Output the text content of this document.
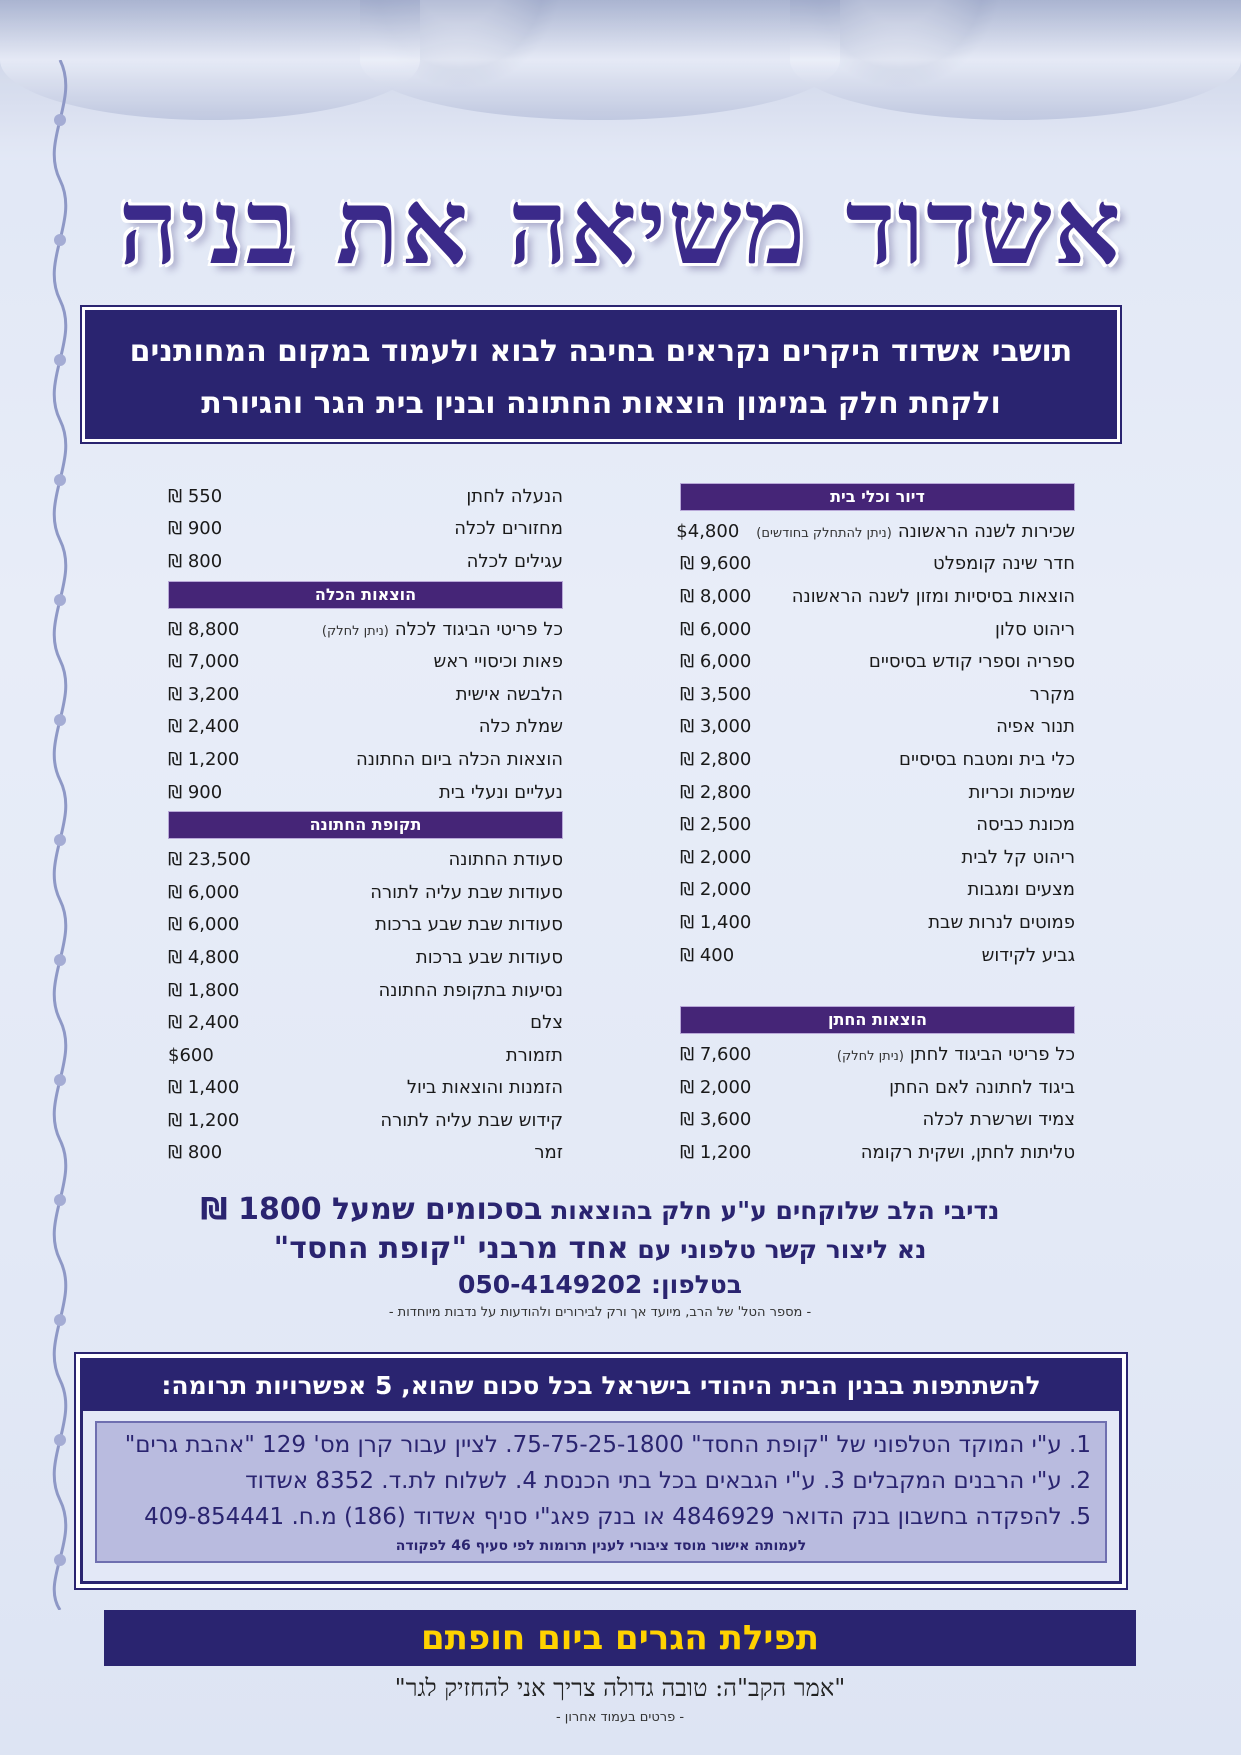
אשדוד משיאה את בניה
תושבי אשדוד היקרים נקראים בחיבה לבוא ולעמוד במקום המחותנים
ולקחת חלק במימון הוצאות החתונה ובנין בית הגר והגיורת
דיור וכלי בית
שכירות לשנה הראשונה(ניתן להתחלק בחודשים)
$4,800
חדר שינה קומפלט
₪ 9,600
הוצאות בסיסיות ומזון לשנה הראשונה
₪ 8,000
ריהוט סלון
₪ 6,000
ספריה וספרי קודש בסיסיים
₪ 6,000
מקרר
₪ 3,500
תנור אפיה
₪ 3,000
כלי בית ומטבח בסיסיים
₪ 2,800
שמיכות וכריות
₪ 2,800
מכונת כביסה
₪ 2,500
ריהוט קל לבית
₪ 2,000
מצעים ומגבות
₪ 2,000
פמוטים לנרות שבת
₪ 1,400
גביע לקידוש
₪ 400
הוצאות החתן
כל פריטי הביגוד לחתן(ניתן לחלק)
₪ 7,600
ביגוד לחתונה לאם החתן
₪ 2,000
צמיד ושרשרת לכלה
₪ 3,600
טליתות לחתן, ושקית רקומה
₪ 1,200
הנעלה לחתן
₪ 550
מחזורים לכלה
₪ 900
עגילים לכלה
₪ 800
הוצאות הכלה
כל פריטי הביגוד לכלה(ניתן לחלק)
₪ 8,800
פאות וכיסויי ראש
₪ 7,000
הלבשה אישית
₪ 3,200
שמלת כלה
₪ 2,400
הוצאות הכלה ביום החתונה
₪ 1,200
נעליים ונעלי בית
₪ 900
תקופת החתונה
סעודת החתונה
₪ 23,500
סעודות שבת עליה לתורה
₪ 6,000
סעודות שבת שבע ברכות
₪ 6,000
סעודות שבע ברכות
₪ 4,800
נסיעות בתקופת החתונה
₪ 1,800
צלם
₪ 2,400
תזמורת
$600
הזמנות והוצאות ביול
₪ 1,400
קידוש שבת עליה לתורה
₪ 1,200
זמר
₪ 800
נדיבי הלב שלוקחים ע"ע חלק בהוצאות בסכומים שמעל 1800 ₪
נא ליצור קשר טלפוני עם אחד מרבני "קופת החסד"
בטלפון: 050-4149202
- מספר הטל' של הרב, מיועד אך ורק לבירורים ולהודעות על נדבות מיוחדות -
להשתתפות בבנין הבית היהודי בישראל בכל סכום שהוא, 5 אפשרויות תרומה:
1. ע"י המוקד הטלפוני של "קופת החסד" 75-75-25-1800. לציין עבור קרן מס' 129 "אהבת גרים"
2. ע"י הרבנים המקבלים 3. ע"י הגבאים בכל בתי הכנסת 4. לשלוח לת.ד. 8352 אשדוד
5. להפקדה בחשבון בנק הדואר 4846929 או בנק פאג"י סניף אשדוד (186) מ.ח. 409-854441
לעמותה אישור מוסד ציבורי לענין תרומות לפי סעיף 46 לפקודה
תפילת הגרים ביום חופתם
"אמר הקב"ה: טובה גדולה צריך אני להחזיק לגר"
- פרטים בעמוד אחרון -
